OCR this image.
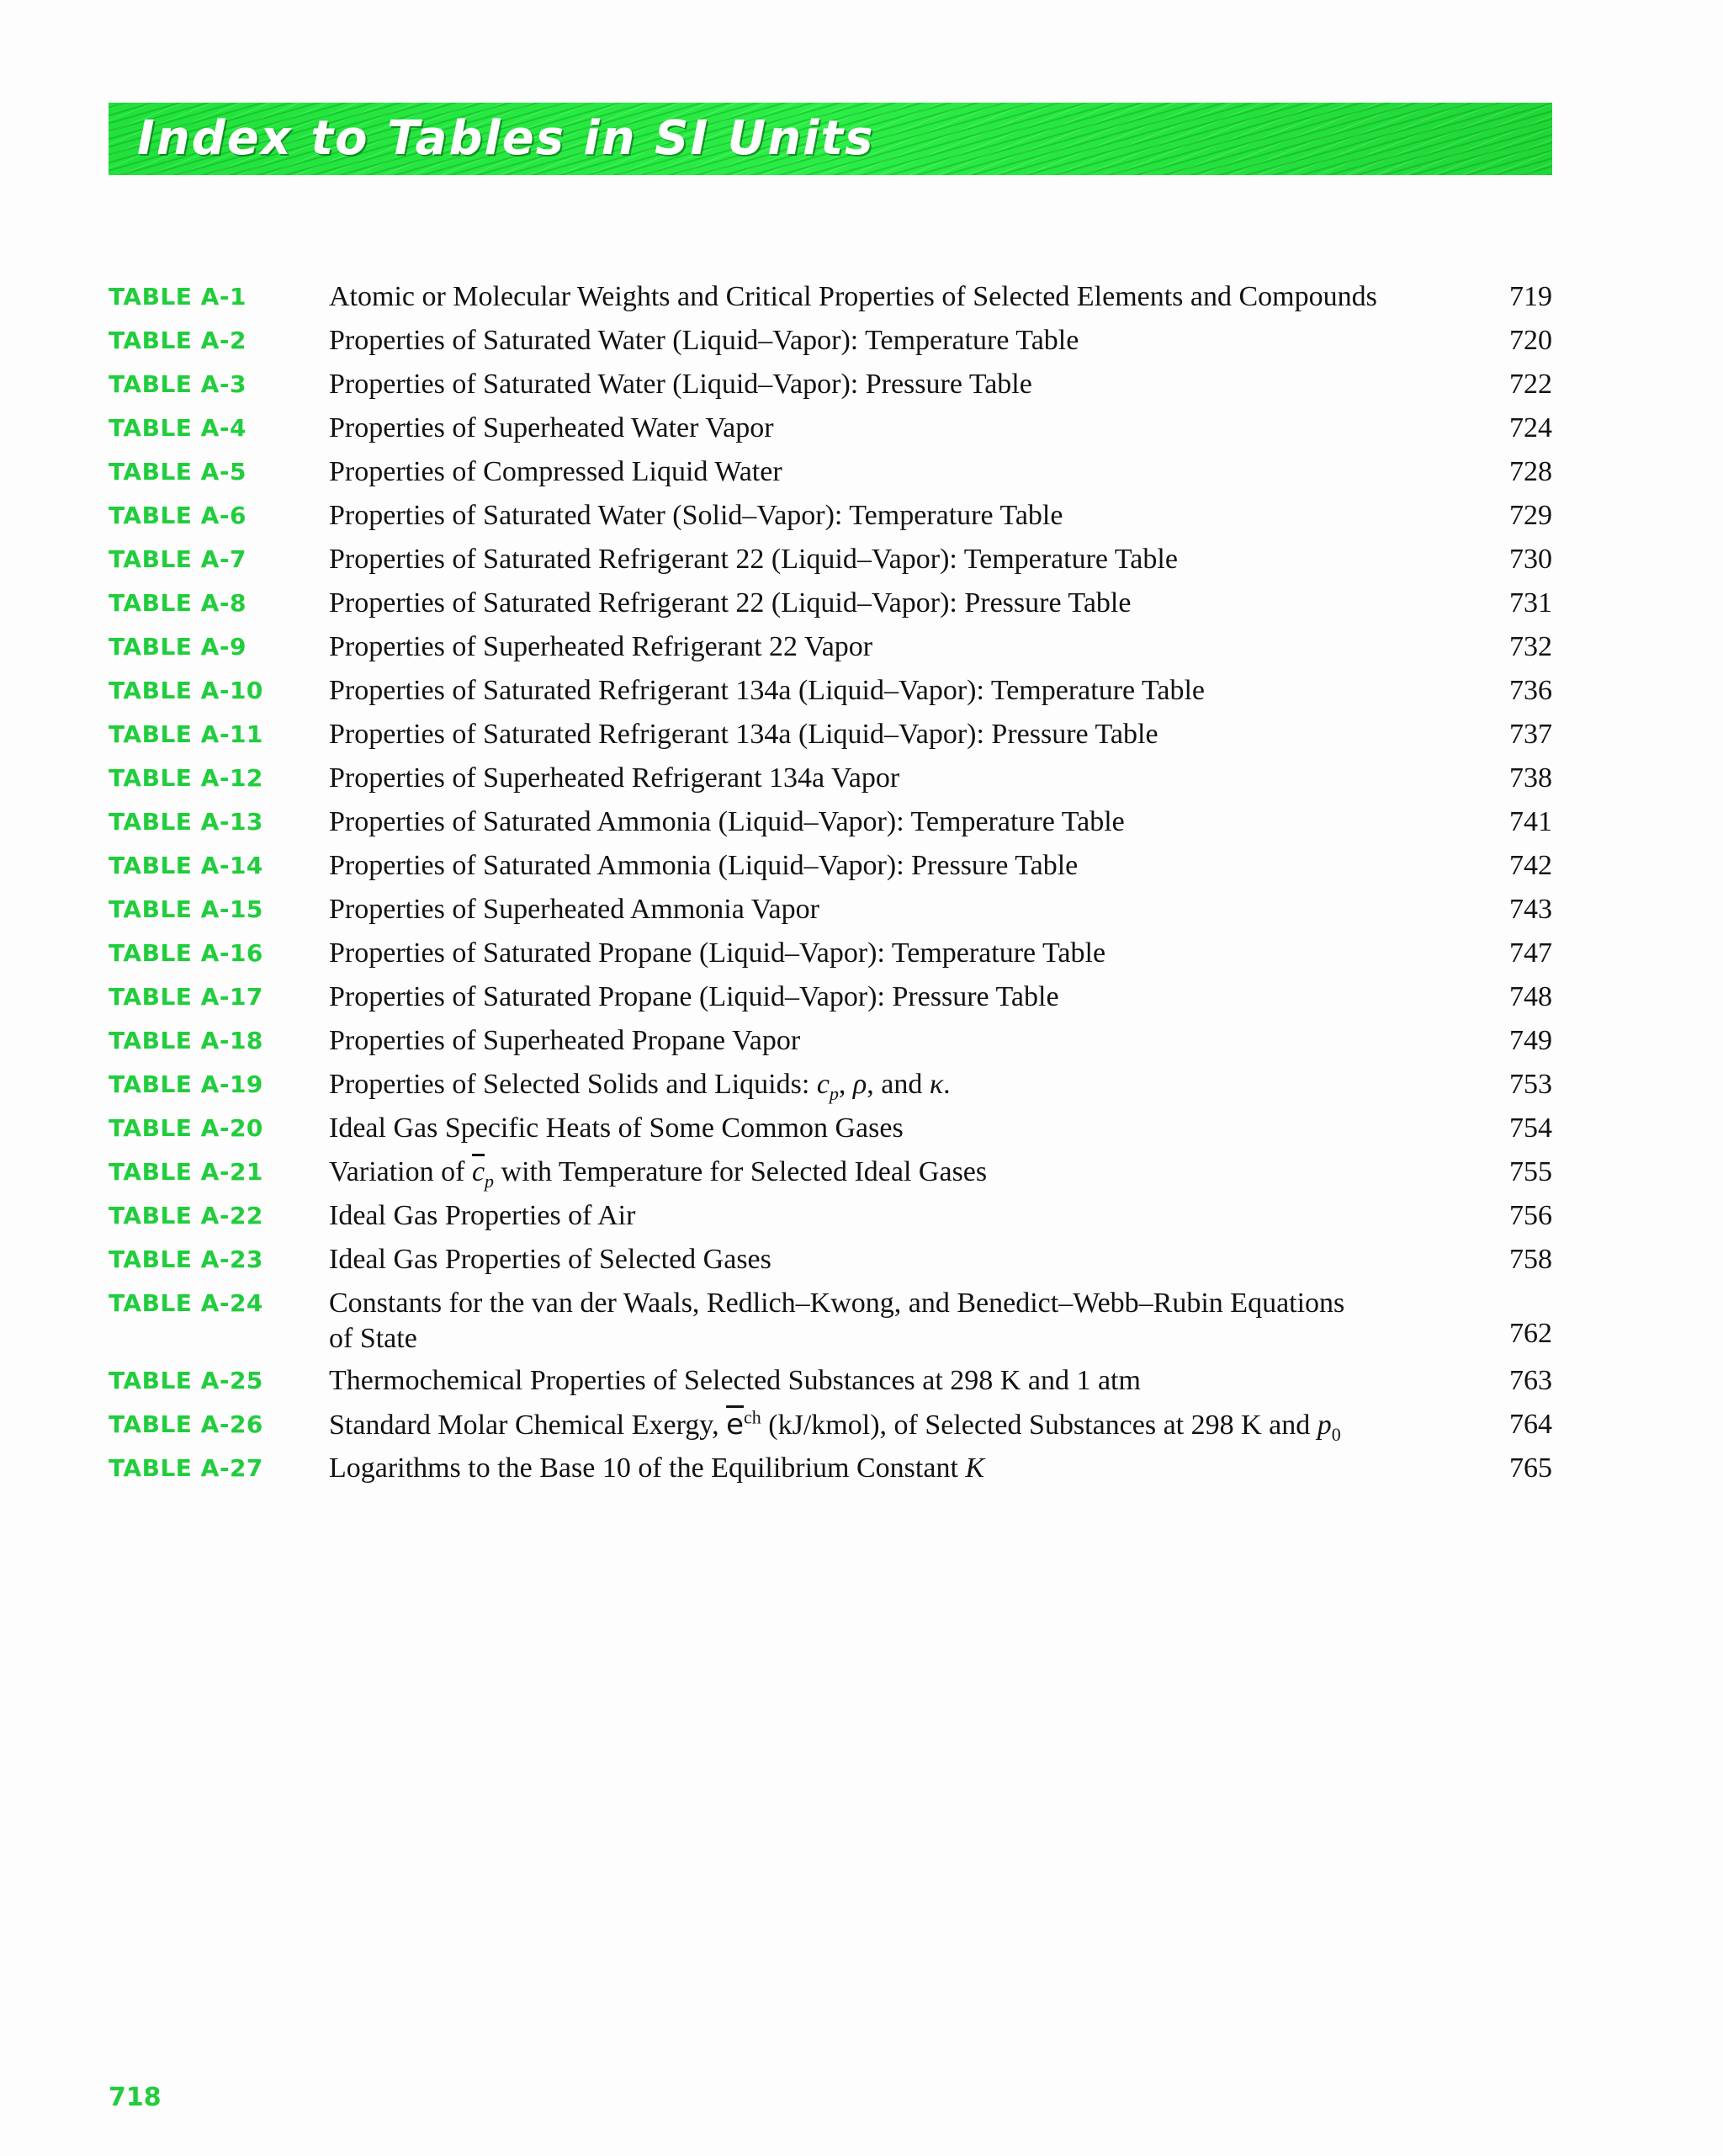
Index to Tables in SI Units
TABLE A-1	Atomic or Molecular Weights and Critical Properties of Selected Elements and Compounds	719
TABLE A-2	Properties of Saturated Water (Liquid–Vapor): Temperature Table	720
TABLE A-3	Properties of Saturated Water (Liquid–Vapor): Pressure Table	722
TABLE A-4	Properties of Superheated Water Vapor	724
TABLE A-5	Properties of Compressed Liquid Water	728
TABLE A-6	Properties of Saturated Water (Solid–Vapor): Temperature Table	729
TABLE A-7	Properties of Saturated Refrigerant 22 (Liquid–Vapor): Temperature Table	730
TABLE A-8	Properties of Saturated Refrigerant 22 (Liquid–Vapor): Pressure Table	731
TABLE A-9	Properties of Superheated Refrigerant 22 Vapor	732
TABLE A-10	Properties of Saturated Refrigerant 134a (Liquid–Vapor): Temperature Table	736
TABLE A-11	Properties of Saturated Refrigerant 134a (Liquid–Vapor): Pressure Table	737
TABLE A-12	Properties of Superheated Refrigerant 134a Vapor	738
TABLE A-13	Properties of Saturated Ammonia (Liquid–Vapor): Temperature Table	741
TABLE A-14	Properties of Saturated Ammonia (Liquid–Vapor): Pressure Table	742
TABLE A-15	Properties of Superheated Ammonia Vapor	743
TABLE A-16	Properties of Saturated Propane (Liquid–Vapor): Temperature Table	747
TABLE A-17	Properties of Saturated Propane (Liquid–Vapor): Pressure Table	748
TABLE A-18	Properties of Superheated Propane Vapor	749
TABLE A-19	Properties of Selected Solids and Liquids: $c_p$, ρ, and κ.	753
TABLE A-20	Ideal Gas Specific Heats of Some Common Gases	754
TABLE A-21	Variation of $\overline{c}_p$ with Temperature for Selected Ideal Gases	755
TABLE A-22	Ideal Gas Properties of Air	756
TABLE A-23	Ideal Gas Properties of Selected Gases	758
TABLE A-24	Constants for the van der Waals, Redlich–Kwong, and Benedict–Webb–Rubin Equations
of State	762
TABLE A-25	Thermochemical Properties of Selected Substances at 298 K and 1 atm	763
TABLE A-26	Standard Molar Chemical Exergy, $\overline{e}^{ch}$ (kJ/kmol), of Selected Substances at 298 K and $p_0$	764
TABLE A-27	Logarithms to the Base 10 of the Equilibrium Constant K	765
718
